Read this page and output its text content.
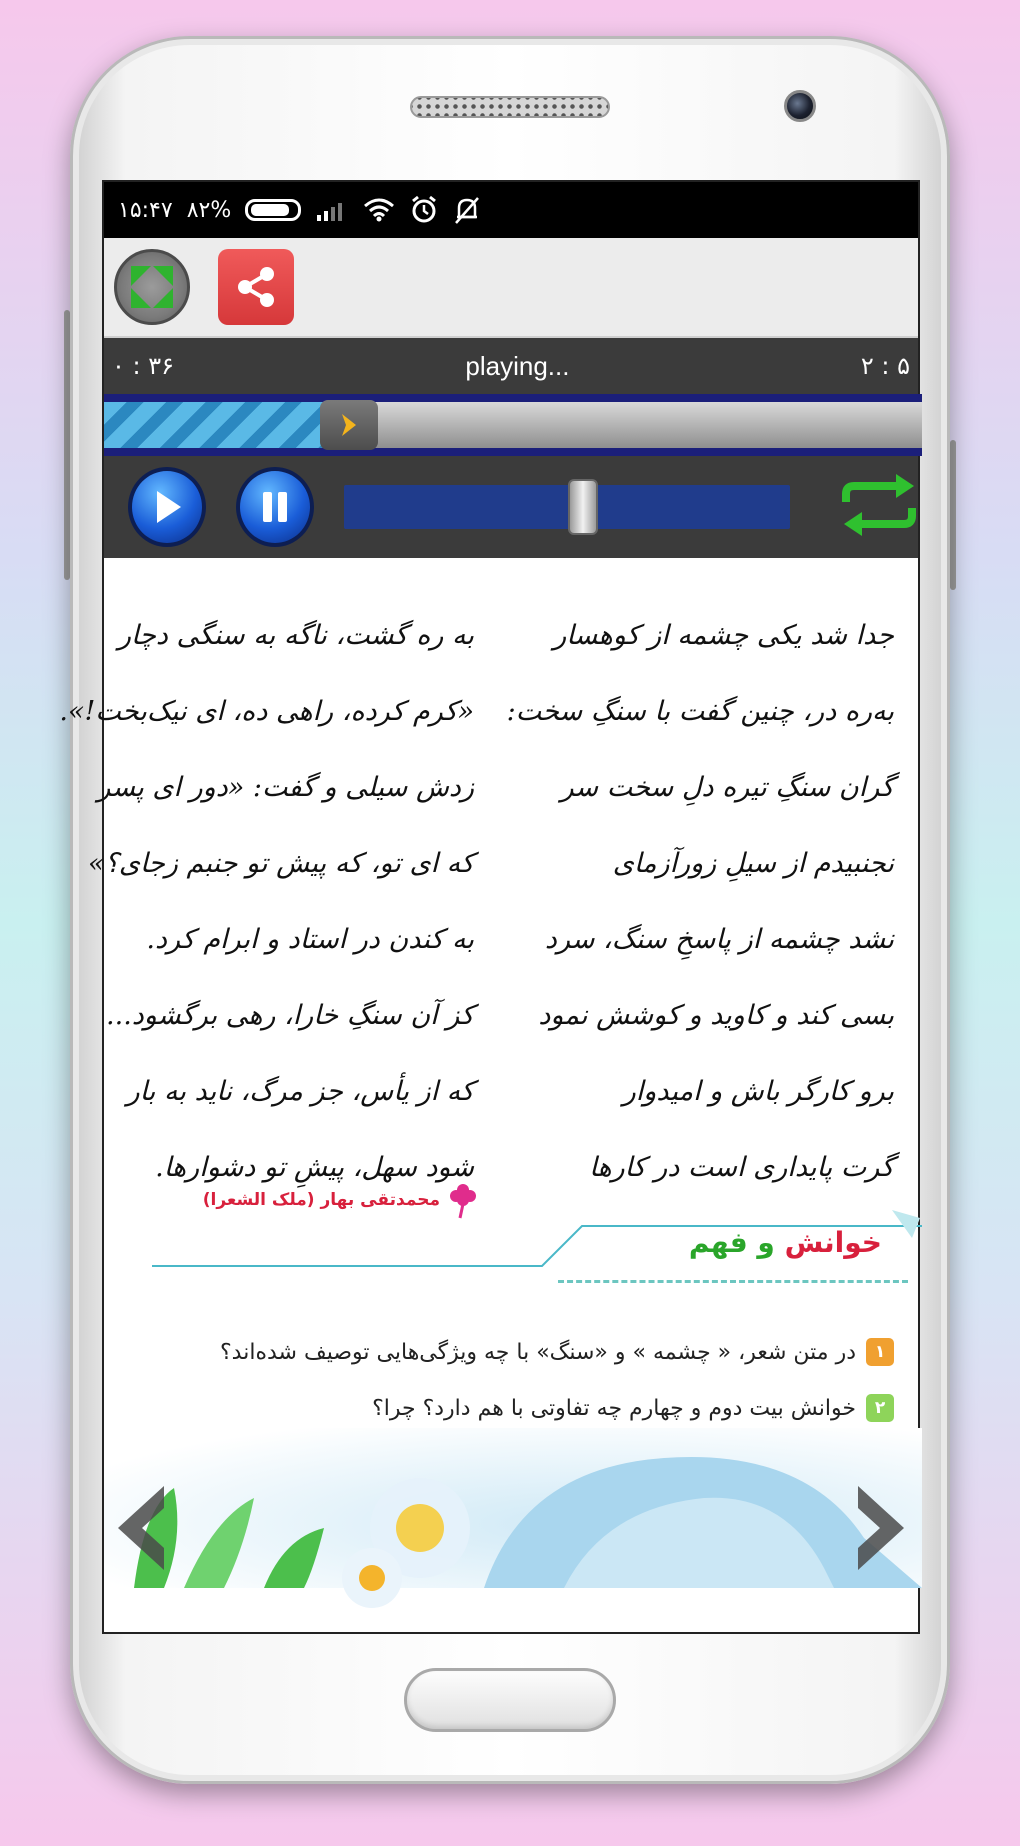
۱۵:۴۷ ۸۲%
۰ : ۳۶	playing...	۲ : ۵
جدا شد یکی چشمه از کوهسار
به‌ره در، چنین گفت با سنگِ سخت:
گران سنگِ تیره دلِ سخت سر
نجنبیدم از سیلِ زورآزمای
نشد چشمه از پاسخِ سنگ، سرد
بسی کند و کاوید و کوشش نمود
برو کارگر باش و امیدوار
گرت پایداری است در کارها
به ره گشت، ناگه به سنگی دچار
«کرم کرده، راهی ده، ای نیک‌بخت!».
زدش سیلی و گفت: «دور ای پسر
که ای تو، که پیش تو جنبم زجای؟»
به کندن در استاد و ابرام کرد.
کز آن سنگِ خارا، رهی برگشود...
که از یأس، جز مرگ، ناید به بار
شود سهل، پیشِ تو دشوارها.
محمدتقی بهار (ملک الشعرا)
خوانش و فهم
۱
در متن شعر، « چشمه » و «سنگ» با چه ویژگی‌هایی توصیف شده‌اند؟
۲
خوانش بیت دوم و چهارم چه تفاوتی با هم دارد؟ چرا؟
